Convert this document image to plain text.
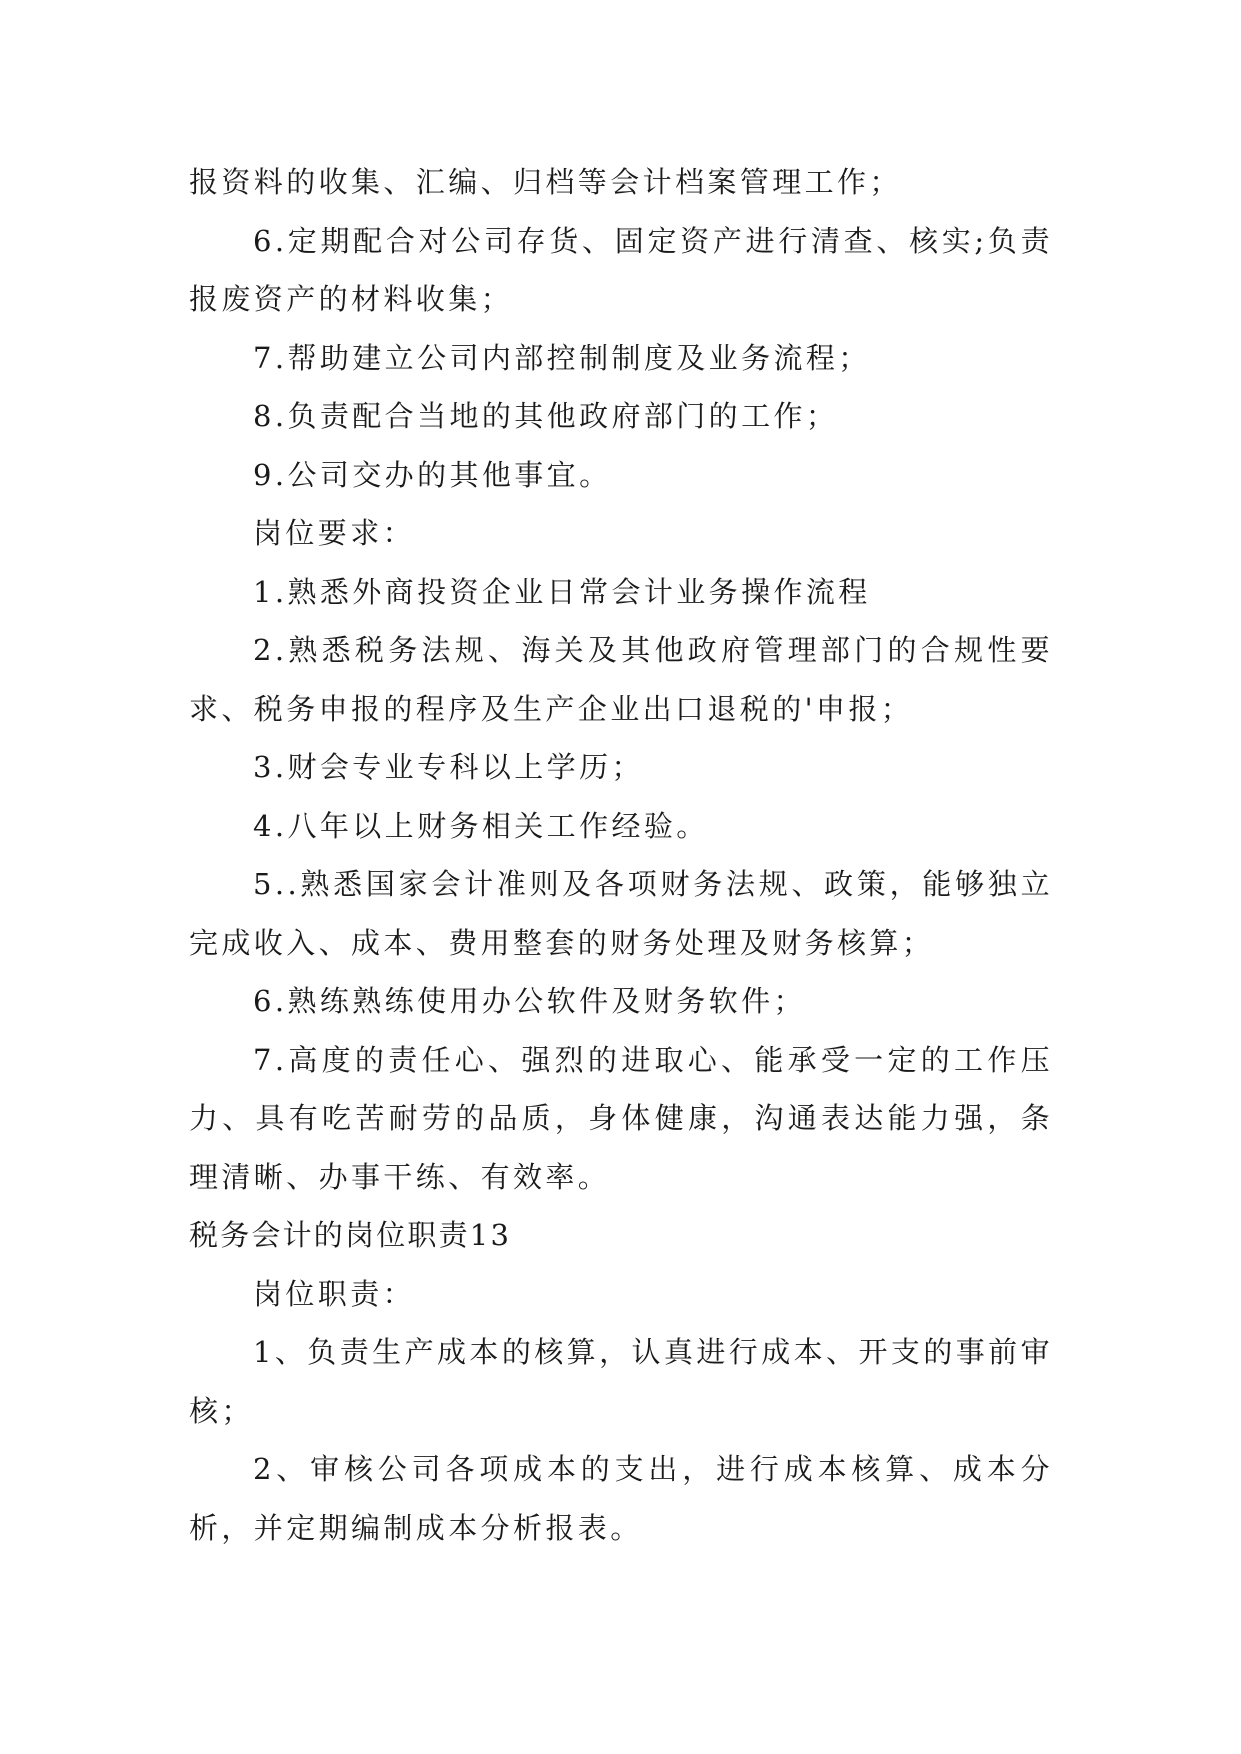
报资料的收集、汇编、归档等会计档案管理工作；

6.定期配合对公司存货、固定资产进行清查、核实;负责报废资产的材料收集；

7.帮助建立公司内部控制制度及业务流程；

8.负责配合当地的其他政府部门的工作；

9.公司交办的其他事宜。

岗位要求：

1.熟悉外商投资企业日常会计业务操作流程

2.熟悉税务法规、海关及其他政府管理部门的合规性要求、税务申报的程序及生产企业出口退税的'申报；

3.财会专业专科以上学历；

4.八年以上财务相关工作经验。

5..熟悉国家会计准则及各项财务法规、政策，能够独立完成收入、成本、费用整套的财务处理及财务核算；

6.熟练熟练使用办公软件及财务软件；

7.高度的责任心、强烈的进取心、能承受一定的工作压力、具有吃苦耐劳的品质，身体健康，沟通表达能力强，条理清晰、办事干练、有效率。

税务会计的岗位职责13

岗位职责：

1、负责生产成本的核算，认真进行成本、开支的事前审核；

2、审核公司各项成本的支出，进行成本核算、成本分析，并定期编制成本分析报表。
